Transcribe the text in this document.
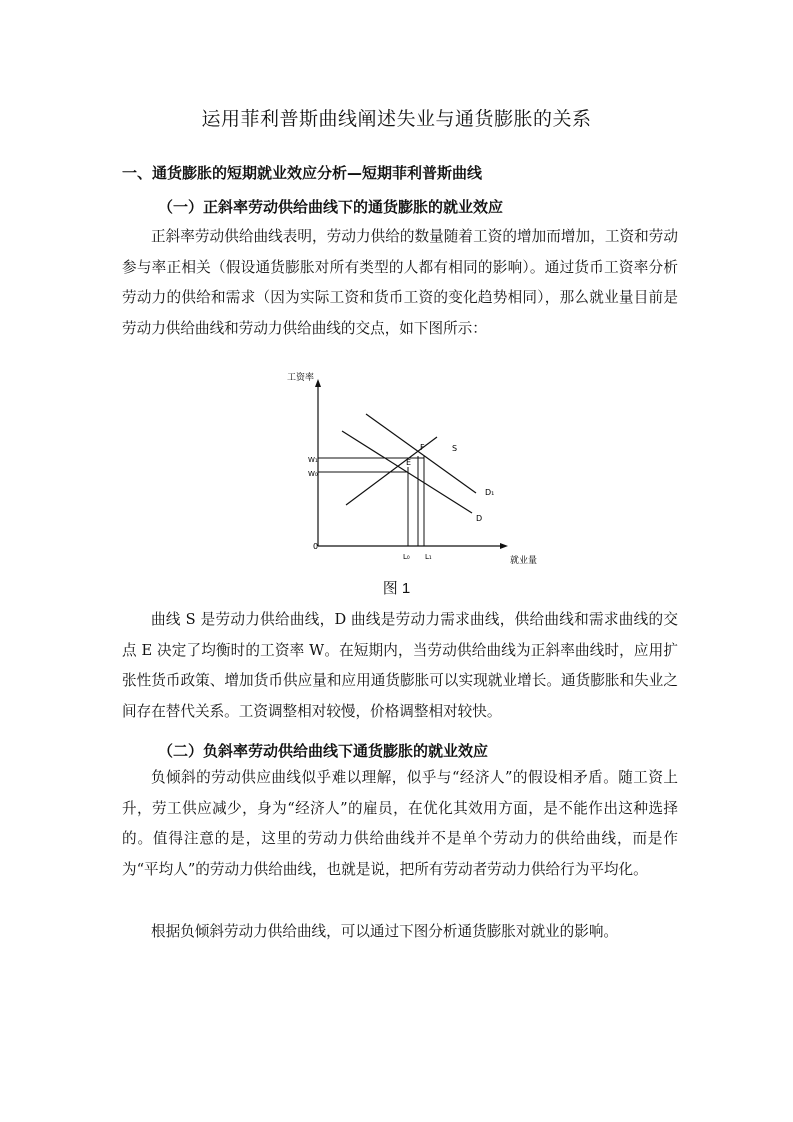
运用菲利普斯曲线阐述失业与通货膨胀的关系
一、通货膨胀的短期就业效应分析—短期菲利普斯曲线
（一）正斜率劳动供给曲线下的通货膨胀的就业效应

正斜率劳动供给曲线表明，劳动力供给的数量随着工资的增加而增加，工资和劳动参与率正相关（假设通货膨胀对所有类型的人都有相同的影响）。通过货币工资率分析劳动力的供给和需求（因为实际工资和货币工资的变化趋势相同），那么就业量目前是劳动力供给曲线和劳动力供给曲线的交点，如下图所示：

工资率
就业量
0
W₁
W₀
L₀ L₁
S
D₁
D
E
F
图 1

曲线 S 是劳动力供给曲线，D 曲线是劳动力需求曲线，供给曲线和需求曲线的交点 E 决定了均衡时的工资率 W。在短期内，当劳动供给曲线为正斜率曲线时，应用扩张性货币政策、增加货币供应量和应用通货膨胀可以实现就业增长。通货膨胀和失业之间存在替代关系。工资调整相对较慢，价格调整相对较快。

（二）负斜率劳动供给曲线下通货膨胀的就业效应

负倾斜的劳动供应曲线似乎难以理解，似乎与“经济人”的假设相矛盾。随工资上升，劳工供应减少，身为“经济人”的雇员，在优化其效用方面，是不能作出这种选择的。值得注意的是，这里的劳动力供给曲线并不是单个劳动力的供给曲线，而是作为“平均人”的劳动力供给曲线，也就是说，把所有劳动者劳动力供给行为平均化。

根据负倾斜劳动力供给曲线，可以通过下图分析通货膨胀对就业的影响。
